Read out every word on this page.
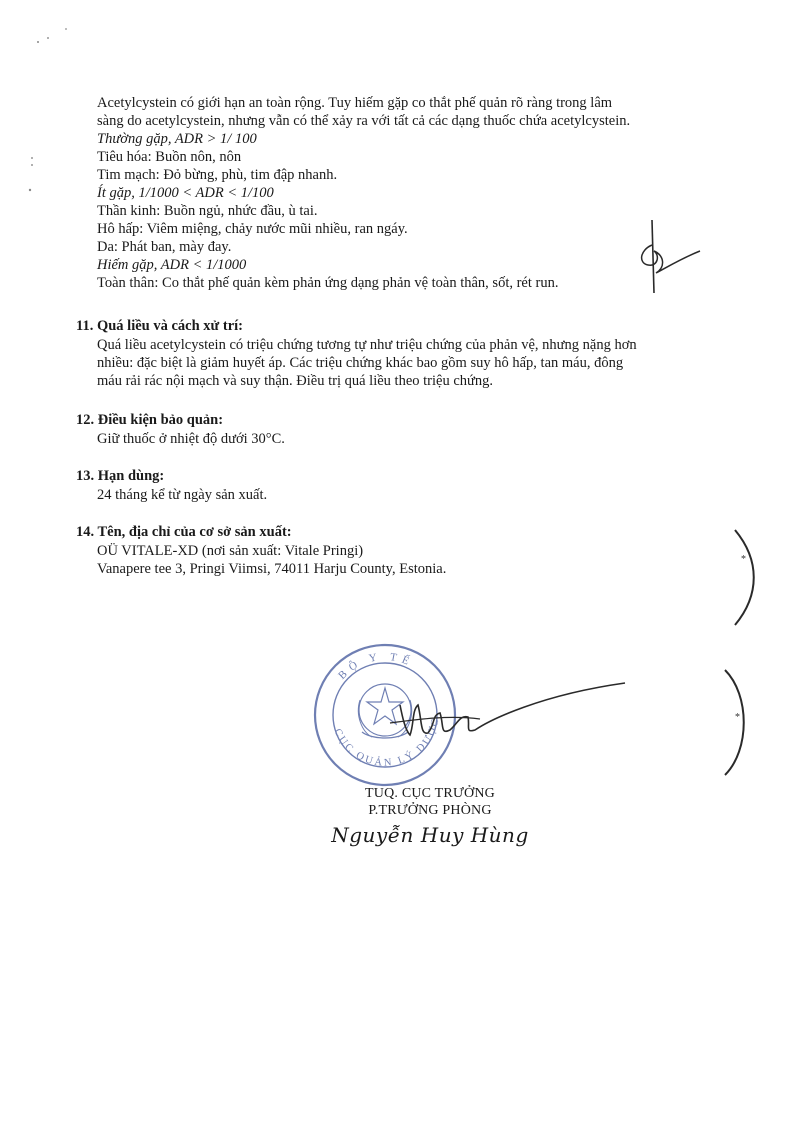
Acetylcystein có giới hạn an toàn rộng. Tuy hiếm gặp co thắt phế quản rõ ràng trong lâm
sàng do acetylcystein, nhưng vẫn có thể xảy ra với tất cả các dạng thuốc chứa acetylcystein.
Thường gặp, ADR > 1/ 100
Tiêu hóa: Buồn nôn, nôn
Tim mạch: Đỏ bừng, phù, tim đập nhanh.
Ít gặp, 1/1000 < ADR < 1/100
Thần kinh: Buồn ngủ, nhức đầu, ù tai.
Hô hấp: Viêm miệng, chảy nước mũi nhiều, ran ngáy.
Da: Phát ban, mày đay.
Hiếm gặp, ADR < 1/1000
Toàn thân: Co thắt phế quản kèm phản ứng dạng phản vệ toàn thân, sốt, rét run.
11. Quá liều và cách xử trí:
Quá liều acetylcystein có triệu chứng tương tự như triệu chứng của phản vệ, nhưng nặng hơn
nhiều: đặc biệt là giảm huyết áp. Các triệu chứng khác bao gồm suy hô hấp, tan máu, đông
máu rải rác nội mạch và suy thận. Điều trị quá liều theo triệu chứng.
12. Điều kiện bảo quản:
Giữ thuốc ở nhiệt độ dưới 30°C.
13. Hạn dùng:
24 tháng kể từ ngày sản xuất.
14. Tên, địa chỉ của cơ sở sản xuất:
OÜ VITALE-XD (nơi sản xuất: Vitale Pringi)
Vanapere tee 3, Pringi Viimsi, 74011 Harju County, Estonia.
*
*
BỘ Y TẾ
CỤC QUẢN LÝ DƯỢC
TUQ. CỤC TRƯỞNG
P.TRƯỞNG PHÒNG
Nguyễn Huy Hùng
